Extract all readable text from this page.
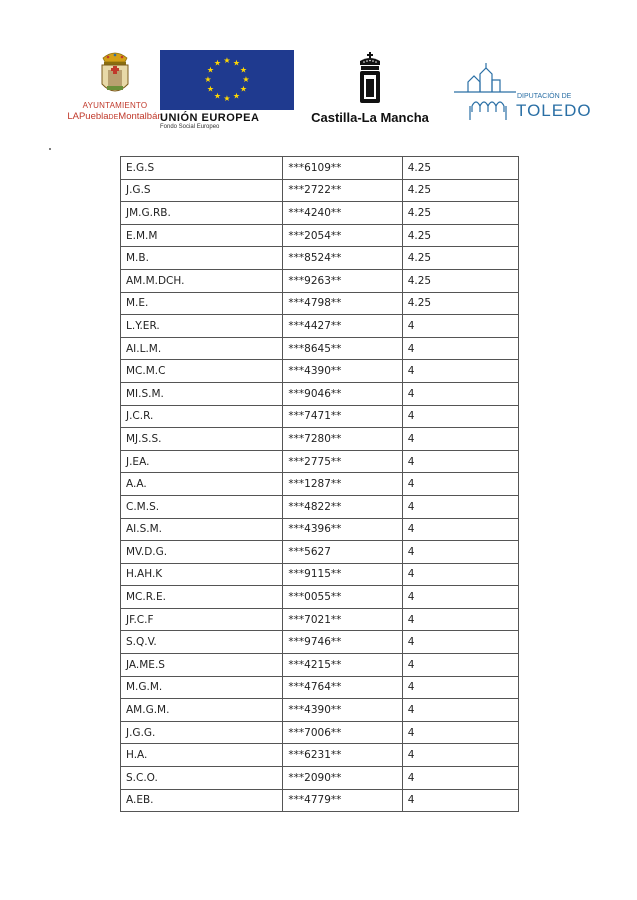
AYUNTAMIENTO
LAPueblaDEMontalbán
★ ★
★
★
★
★
★
★
★
★
★
★
UNIÓN EUROPEA
Fondo Social Europeo
Castilla-La Mancha
DIPUTACIÓN DE
TOLEDO
E.G.S	***6109**	4.25
J.G.S	***2722**	4.25
JM.G.RB.	***4240**	4.25
E.M.M	***2054**	4.25
M.B.	***8524**	4.25
AM.M.DCH.	***9263**	4.25
M.E.	***4798**	4.25
L.Y.ER.	***4427**	4
AI.L.M.	***8645**	4
MC.M.C	***4390**	4
MI.S.M.	***9046**	4
J.C.R.	***7471**	4
MJ.S.S.	***7280**	4
J.EA.	***2775**	4
A.A.	***1287**	4
C.M.S.	***4822**	4
AI.S.M.	***4396**	4
MV.D.G.	***5627	4
H.AH.K	***9115**	4
MC.R.E.	***0055**	4
JF.C.F	***7021**	4
S.Q.V.	***9746**	4
JA.ME.S	***4215**	4
M.G.M.	***4764**	4
AM.G.M.	***4390**	4
J.G.G.	***7006**	4
H.A.	***6231**	4
S.C.O.	***2090**	4
A.EB.	***4779**	4
